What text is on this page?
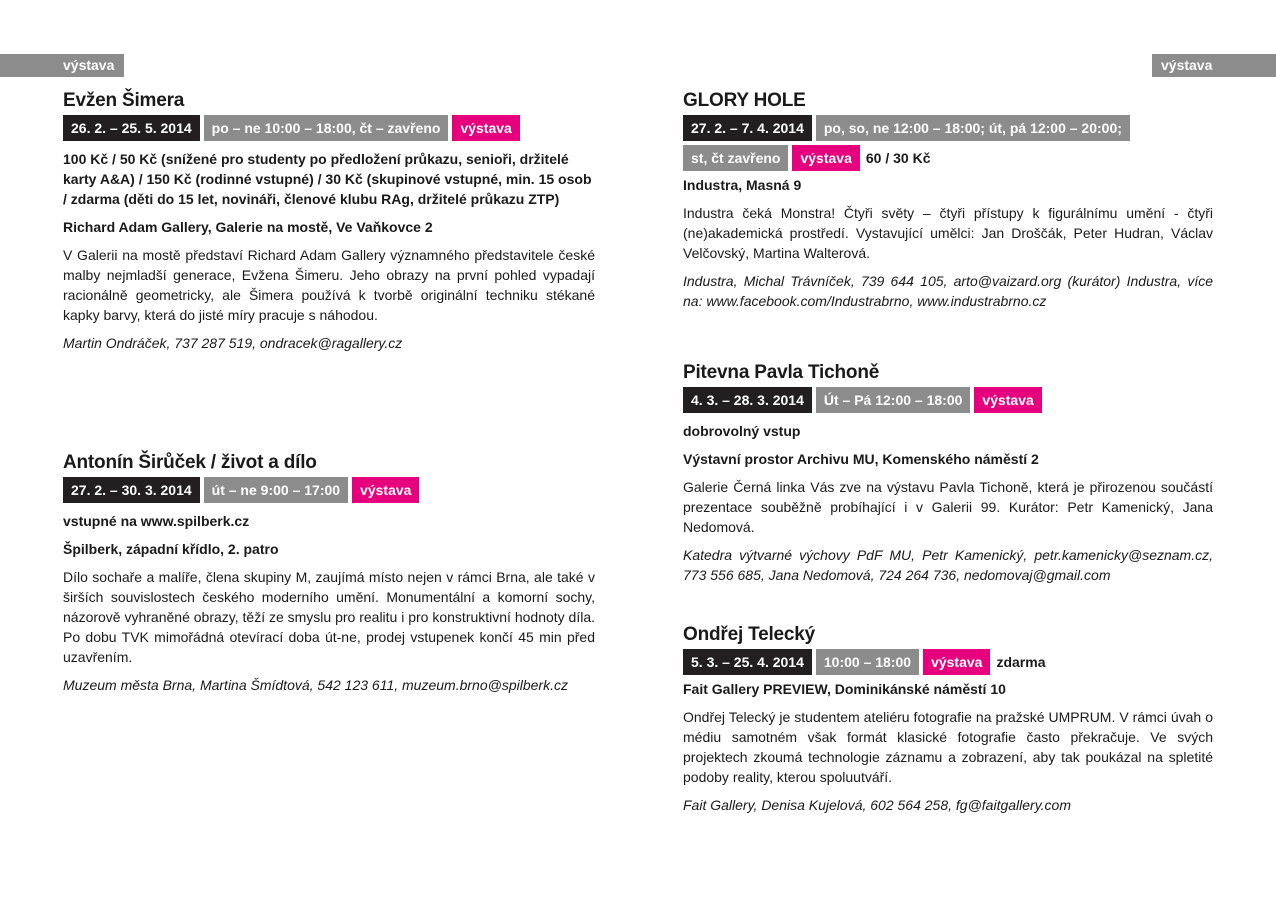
výstava	výstava
Evžen Šimera
26. 2. – 25. 5. 2014	po – ne 10:00 – 18:00, čt – zavřeno	výstava
100 Kč / 50 Kč (snížené pro studenty po předložení průkazu, senioři, držitelé karty A&A) / 150 Kč (rodinné vstupné) / 30 Kč (skupinové vstupné, min. 15 osob / zdarma (děti do 15 let, novináři, členové klubu RAg, držitelé průkazu ZTP)
Richard Adam Gallery, Galerie na mostě, Ve Vaňkovce 2
V Galerii na mostě představí Richard Adam Gallery významného představitele české malby nejmladší generace, Evžena Šimeru. Jeho obrazy na první pohled vypadají racionálně geometricky, ale Šimera používá k tvorbě originální techniku stékané kapky barvy, která do jisté míry pracuje s náhodou.
Martin Ondráček, 737 287 519, ondracek@ragallery.cz
Antonín Širůček / život a dílo
27. 2. – 30. 3. 2014	út – ne 9:00 – 17:00	výstava
vstupné na www.spilberk.cz
Špilberk, západní křídlo, 2. patro
Dílo sochaře a malíře, člena skupiny M, zaujímá místo nejen v rámci Brna, ale také v širších souvislostech českého moderního umění. Monumentální a komorní sochy, názorově vyhraněné obrazy, těží ze smyslu pro realitu i pro konstruktivní hodnoty díla. Po dobu TVK mimořádná otevírací doba út-ne, prodej vstupenek končí 45 min před uzavřením.
Muzeum města Brna, Martina Šmídtová, 542 123 611, muzeum.brno@spilberk.cz
GLORY HOLE
27. 2. – 7. 4. 2014	po, so, ne 12:00 – 18:00; út, pá 12:00 – 20:00;
st, čt zavřeno	výstava	60 / 30 Kč
Industra, Masná 9
Industra čeká Monstra! Čtyři světy – čtyři přístupy k figurálnímu umění - čtyři (ne)akademická prostředí. Vystavující umělci: Jan Droščák, Peter Hudran, Václav Velčovský, Martina Walterová.
Industra, Michal Trávníček, 739 644 105, arto@vaizard.org (kurátor) Industra, více na: www.facebook.com/Industrabrno, www.industrabrno.cz
Pitevna Pavla Tichoně
4. 3. – 28. 3. 2014	Út – Pá 12:00 – 18:00	výstava
dobrovolný vstup
Výstavní prostor Archivu MU, Komenského náměstí 2
Galerie Černá linka Vás zve na výstavu Pavla Tichoně, která je přirozenou součástí prezentace souběžně probíhající i v Galerii 99. Kurátor: Petr Kamenický, Jana Nedomová.
Katedra výtvarné výchovy PdF MU, Petr Kamenický, petr.kamenicky@seznam.cz, 773 556 685, Jana Nedomová, 724 264 736, nedomovaj@gmail.com
Ondřej Telecký
5. 3. – 25. 4. 2014	10:00 – 18:00	výstava	zdarma
Fait Gallery PREVIEW, Dominikánské náměstí 10
Ondřej Telecký je studentem ateliéru fotografie na pražské UMPRUM. V rámci úvah o médiu samotném však formát klasické fotografie často překračuje. Ve svých projektech zkoumá technologie záznamu a zobrazení, aby tak poukázal na spletité podoby reality, kterou spoluutváří.
Fait Gallery, Denisa Kujelová, 602 564 258, fg@faitgallery.com
